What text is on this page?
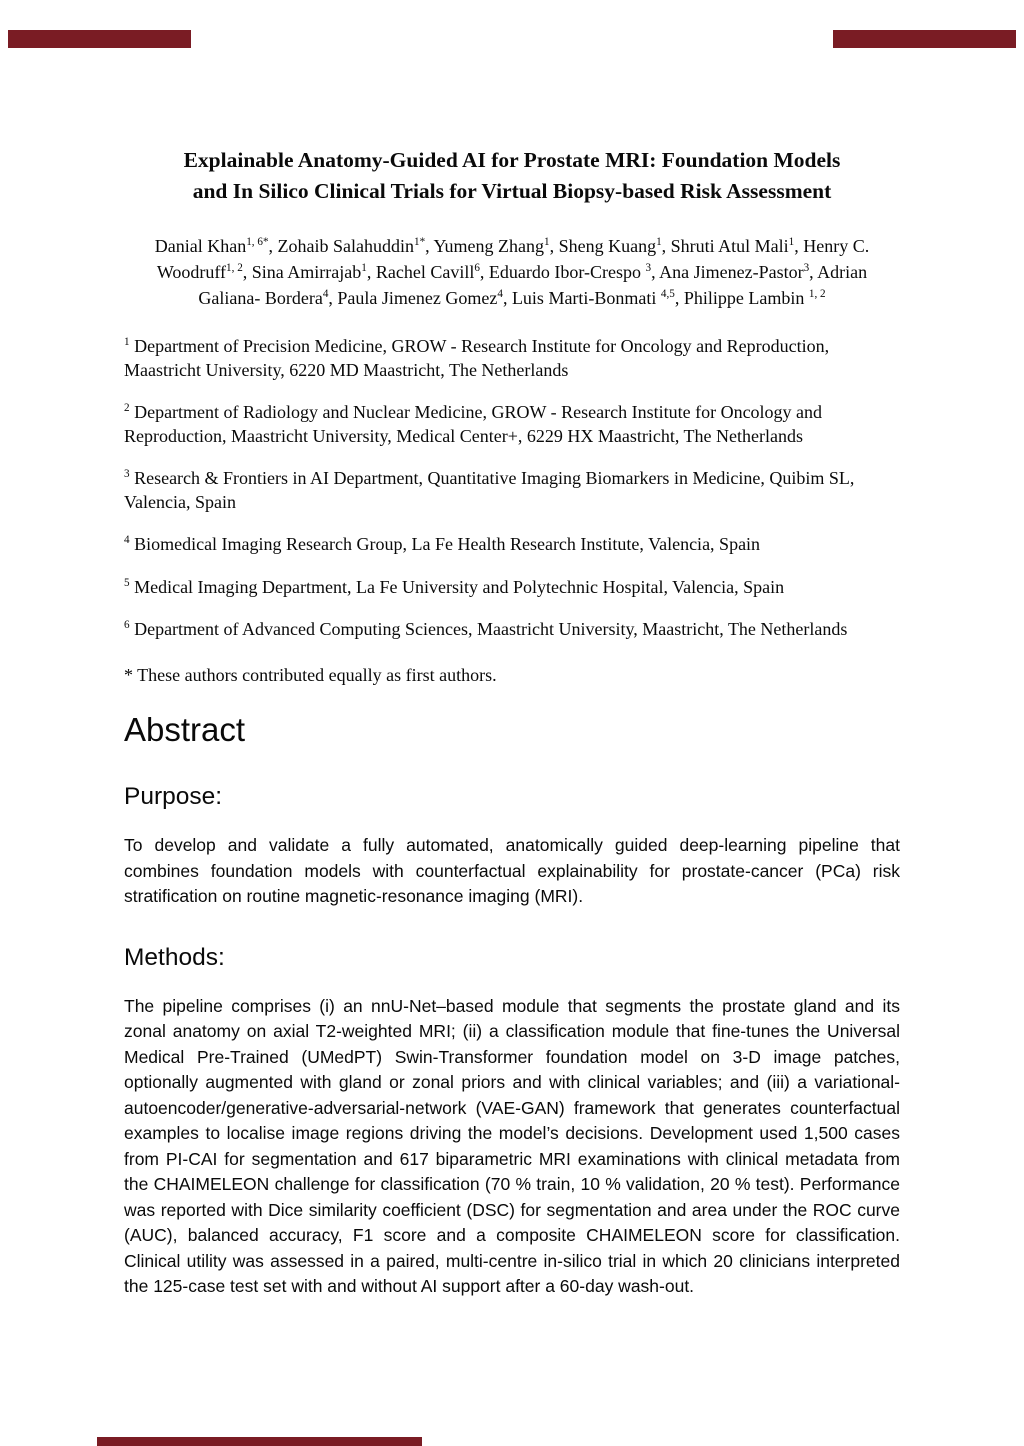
Explainable Anatomy-Guided AI for Prostate MRI: Foundation Models
and In Silico Clinical Trials for Virtual Biopsy-based Risk Assessment
Danial Khan$^{1, 6*}$, Zohaib Salahuddin$^{1*}$, Yumeng Zhang$^1$, Sheng Kuang$^1$, Shruti Atul Mali$^1$, Henry C. Woodruff$^{1, 2}$, Sina Amirrajab$^1$, Rachel Cavill$^6$, Eduardo Ibor-Crespo $^3$, Ana Jimenez-Pastor$^3$, Adrian Galiana- Bordera$^4$, Paula Jimenez Gomez$^4$, Luis Marti-Bonmati $^{4,5}$, Philippe Lambin $^{1, 2}$

$^1$ Department of Precision Medicine, GROW - Research Institute for Oncology and Reproduction, Maastricht University, 6220 MD Maastricht, The Netherlands

$^2$ Department of Radiology and Nuclear Medicine, GROW - Research Institute for Oncology and Reproduction, Maastricht University, Medical Center+, 6229 HX Maastricht, The Netherlands

$^3$ Research & Frontiers in AI Department, Quantitative Imaging Biomarkers in Medicine, Quibim SL, Valencia, Spain

$^4$ Biomedical Imaging Research Group, La Fe Health Research Institute, Valencia, Spain

$^5$ Medical Imaging Department, La Fe University and Polytechnic Hospital, Valencia, Spain

$^6$ Department of Advanced Computing Sciences, Maastricht University, Maastricht, The Netherlands

* These authors contributed equally as first authors.

Abstract
Purpose:

To develop and validate a fully automated, anatomically guided deep-learning pipeline that combines foundation models with counterfactual explainability for prostate-cancer (PCa) risk stratification on routine magnetic-resonance imaging (MRI).

Methods:

The pipeline comprises (i) an nnU-Net–based module that segments the prostate gland and its zonal anatomy on axial T2-weighted MRI; (ii) a classification module that fine-tunes the Universal Medical Pre-Trained (UMedPT) Swin-Transformer foundation model on 3-D image patches, optionally augmented with gland or zonal priors and with clinical variables; and (iii) a variational-autoencoder/generative-adversarial-network (VAE-GAN) framework that generates counterfactual examples to localise image regions driving the model’s decisions. Development used 1,500 cases from PI-CAI for segmentation and 617 biparametric MRI examinations with clinical metadata from the CHAIMELEON challenge for classification (70 % train, 10 % validation, 20 % test). Performance was reported with Dice similarity coefficient (DSC) for segmentation and area under the ROC curve (AUC), balanced accuracy, F1 score and a composite CHAIMELEON score for classification. Clinical utility was assessed in a paired, multi-centre in-silico trial in which 20 clinicians interpreted the 125-case test set with and without AI support after a 60-day wash-out.
